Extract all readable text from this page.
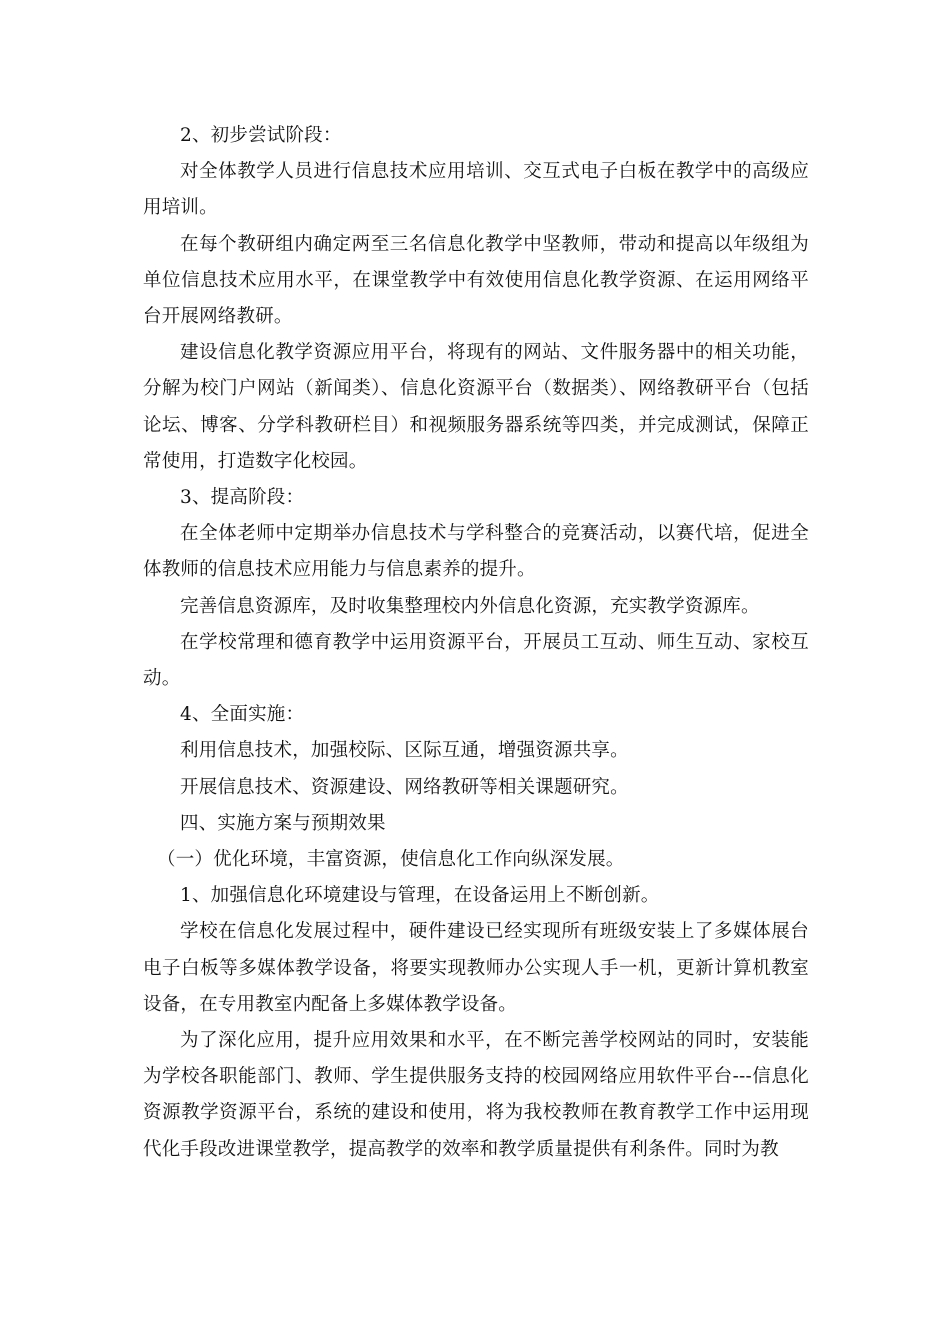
2、初步尝试阶段：

对全体教学人员进行信息技术应用培训、交互式电子白板在教学中的高级应用培训。

在每个教研组内确定两至三名信息化教学中坚教师，带动和提高以年级组为单位信息技术应用水平，在课堂教学中有效使用信息化教学资源、在运用网络平台开展网络教研。

建设信息化教学资源应用平台，将现有的网站、文件服务器中的相关功能，分解为校门户网站（新闻类）、信息化资源平台（数据类）、网络教研平台（包括论坛、博客、分学科教研栏目）和视频服务器系统等四类，并完成测试，保障正常使用，打造数字化校园。

3、提高阶段：

在全体老师中定期举办信息技术与学科整合的竞赛活动，以赛代培，促进全体教师的信息技术应用能力与信息素养的提升。

完善信息资源库，及时收集整理校内外信息化资源，充实教学资源库。

在学校常理和德育教学中运用资源平台，开展员工互动、师生互动、家校互动。

4、全面实施：

利用信息技术，加强校际、区际互通，增强资源共享。

开展信息技术、资源建设、网络教研等相关课题研究。

四、实施方案与预期效果

（一）优化环境，丰富资源，使信息化工作向纵深发展。

1、加强信息化环境建设与管理，在设备运用上不断创新。

学校在信息化发展过程中，硬件建设已经实现所有班级安装上了多媒体展台电子白板等多媒体教学设备，将要实现教师办公实现人手一机，更新计算机教室设备，在专用教室内配备上多媒体教学设备。

为了深化应用，提升应用效果和水平，在不断完善学校网站的同时，安装能为学校各职能部门、教师、学生提供服务支持的校园网络应用软件平台---信息化资源教学资源平台，系统的建设和使用，将为我校教师在教育教学工作中运用现代化手段改进课堂教学，提高教学的效率和教学质量提供有利条件。同时为教
